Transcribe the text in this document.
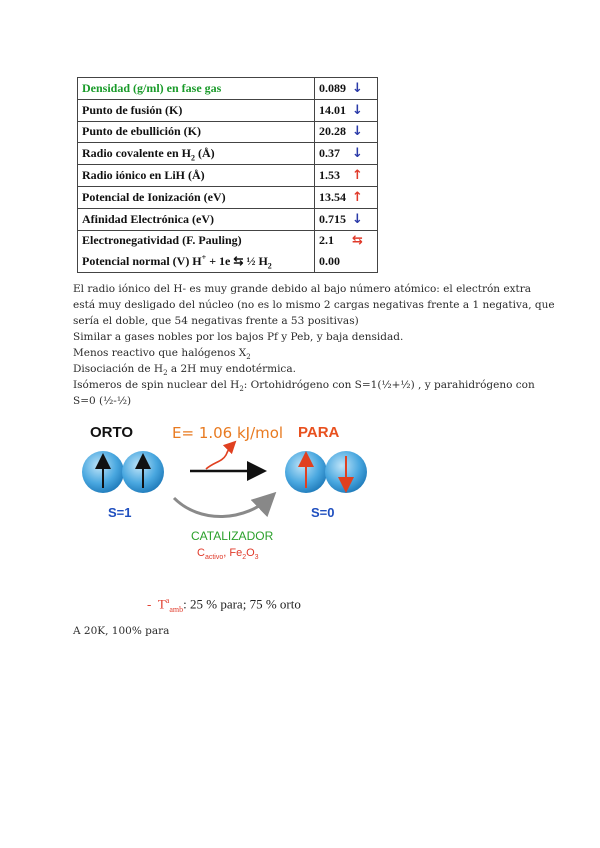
Densidad (g/ml) en fase gas	0.089 ↓
Punto de fusión (K)	14.01 ↓
Punto de ebullición (K)	20.28 ↓
Radio covalente en $H_2$ (Å)	0.37 ↓
Radio iónico en LiH (Å)	1.53 ↑
Potencial de Ionización (eV)	13.54 ↑
Afinidad Electrónica (eV)	0.715 ↓
Electronegatividad (F. Pauling)	2.1 ⇆
Potencial normal (V) H+ + 1e ⇆ ½ $H_2$	0.00
El radio iónico del H- es muy grande debido al bajo número atómico: el electrón extra
está muy desligado del núcleo (no es lo mismo 2 cargas negativas frente a 1 negativa, que
sería el doble, que 54 negativas frente a 53 positivas)
Similar a gases nobles por los bajos Pf y Peb, y baja densidad.
Menos reactivo que halógenos $X_2$
Disociación de $H_2$ a 2H muy endotérmica.
Isómeros de spin nuclear del $H_2$: Ortohidrógeno con S=1(½+½) , y parahidrógeno con
S=0 (½-½)
ORTO	E= 1.06 kJ/mol PARA
S=1	S=0
CATALIZADOR
$C_{activo}$, $Fe_2O_3$
- $T^a_{amb}$: 25 % para; 75 % orto
A 20K, 100% para
